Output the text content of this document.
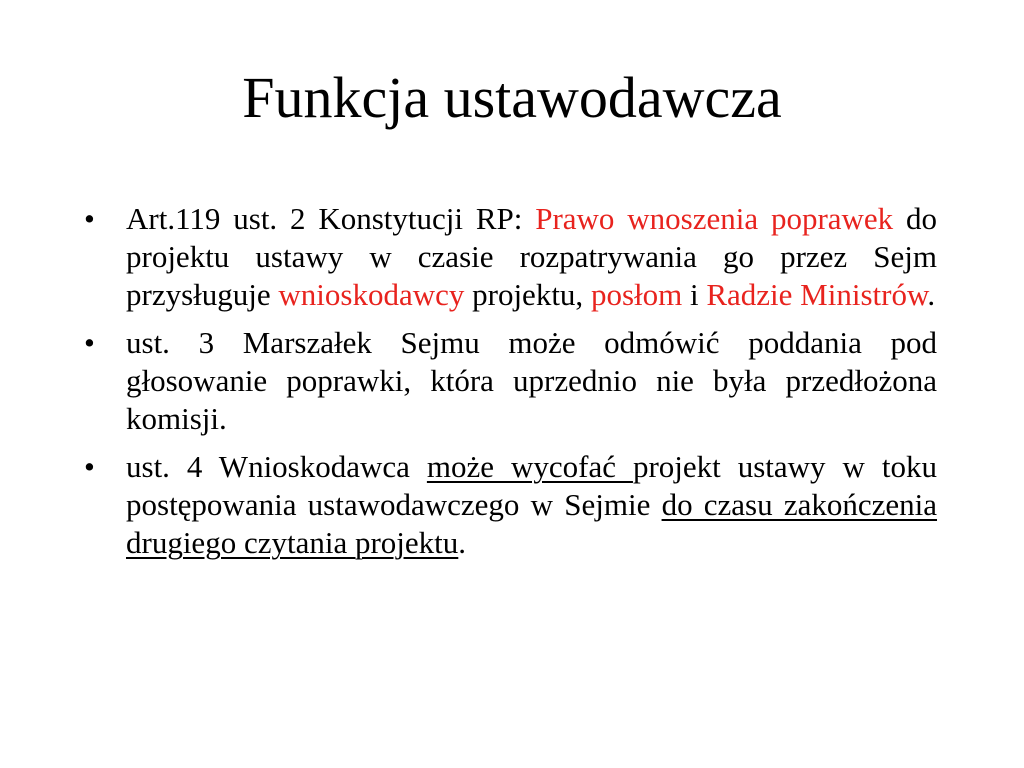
Funkcja ustawodawcza
•	Art.119 ust. 2 Konstytucji RP: Prawo wnoszenia poprawek do projektu ustawy w czasie rozpatrywania go przez Sejm przysługuje wnioskodawcy projektu, posłom i Radzie Ministrów.
•	ust. 3 Marszałek Sejmu może odmówić poddania pod głosowanie poprawki, która uprzednio nie była przedłożona komisji.
•	ust. 4 Wnioskodawca może wycofać projekt ustawy w toku postępowania ustawodawczego w Sejmie do czasu zakończenia drugiego czytania projektu.
